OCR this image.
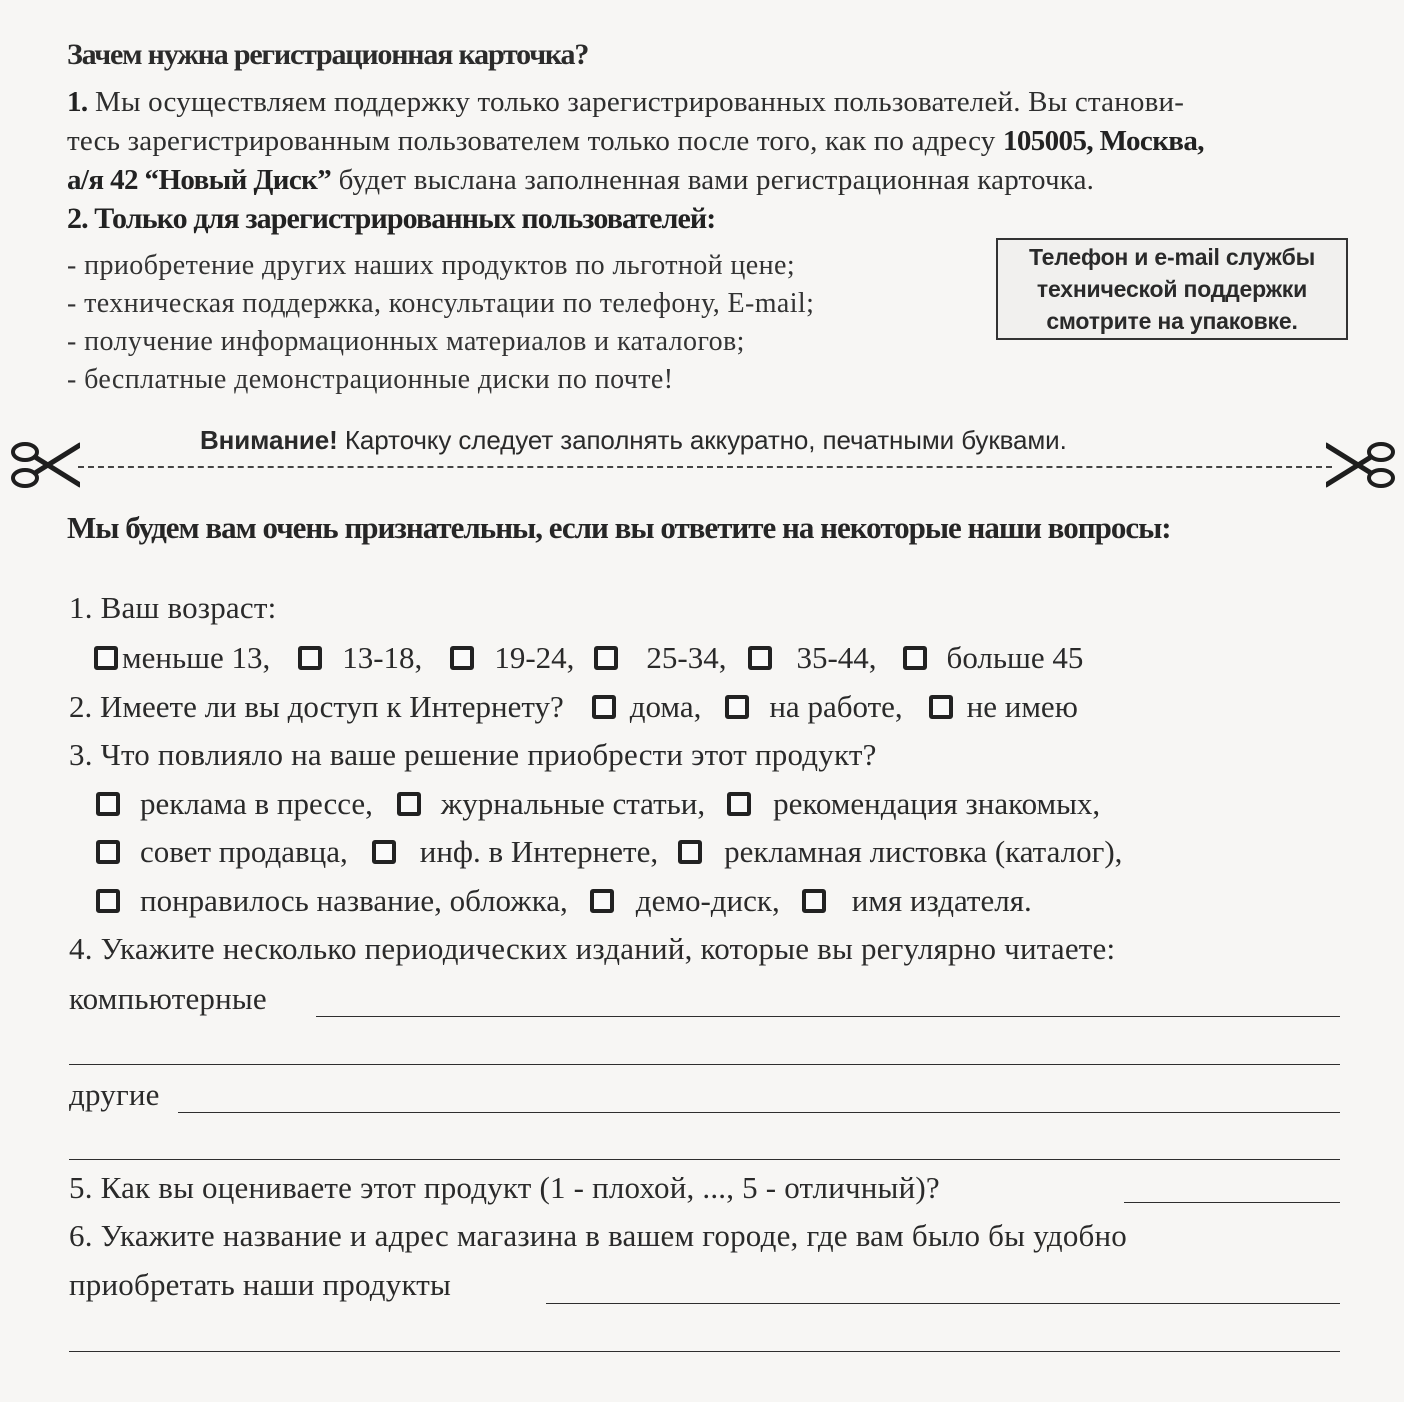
Зачем нужна регистрационная карточка?
1. Мы осуществляем поддержку только зарегистрированных пользователей. Вы станови-
тесь зарегистрированным пользователем только после того, как по адресу 105005, Москва,
а/я 42 “Новый Диск” будет выслана заполненная вами регистрационная карточка.
2. Только для зарегистрированных пользователей:
- приобретение других наших продуктов по льготной цене;
- техническая поддержка, консультации по телефону, E-mail;
- получение информационных материалов и каталогов;
- бесплатные демонстрационные диски по почте!
Телефон и e-mail службы
технической поддержки
смотрите на упаковке.
Внимание! Карточку следует заполнять аккуратно, печатными буквами.
Мы будем вам очень признательны, если вы ответите на некоторые наши вопросы:
1. Ваш возраст:
меньше 13, 13-18, 19-24, 25-34, 35-44, больше 45
2. Имеете ли вы доступ к Интернету? дома, на работе, не имею
3. Что повлияло на ваше решение приобрести этот продукт?
реклама в прессе, журнальные статьи, рекомендация знакомых,
совет продавца, инф. в Интернете, рекламная листовка (каталог),
понравилось название, обложка, демо-диск, имя издателя.
4. Укажите несколько периодических изданий, которые вы регулярно читаете:
компьютерные
другие
5. Как вы оцениваете этот продукт (1 - плохой, ..., 5 - отличный)?
6. Укажите название и адрес магазина в вашем городе, где вам было бы удобно
приобретать наши продукты
